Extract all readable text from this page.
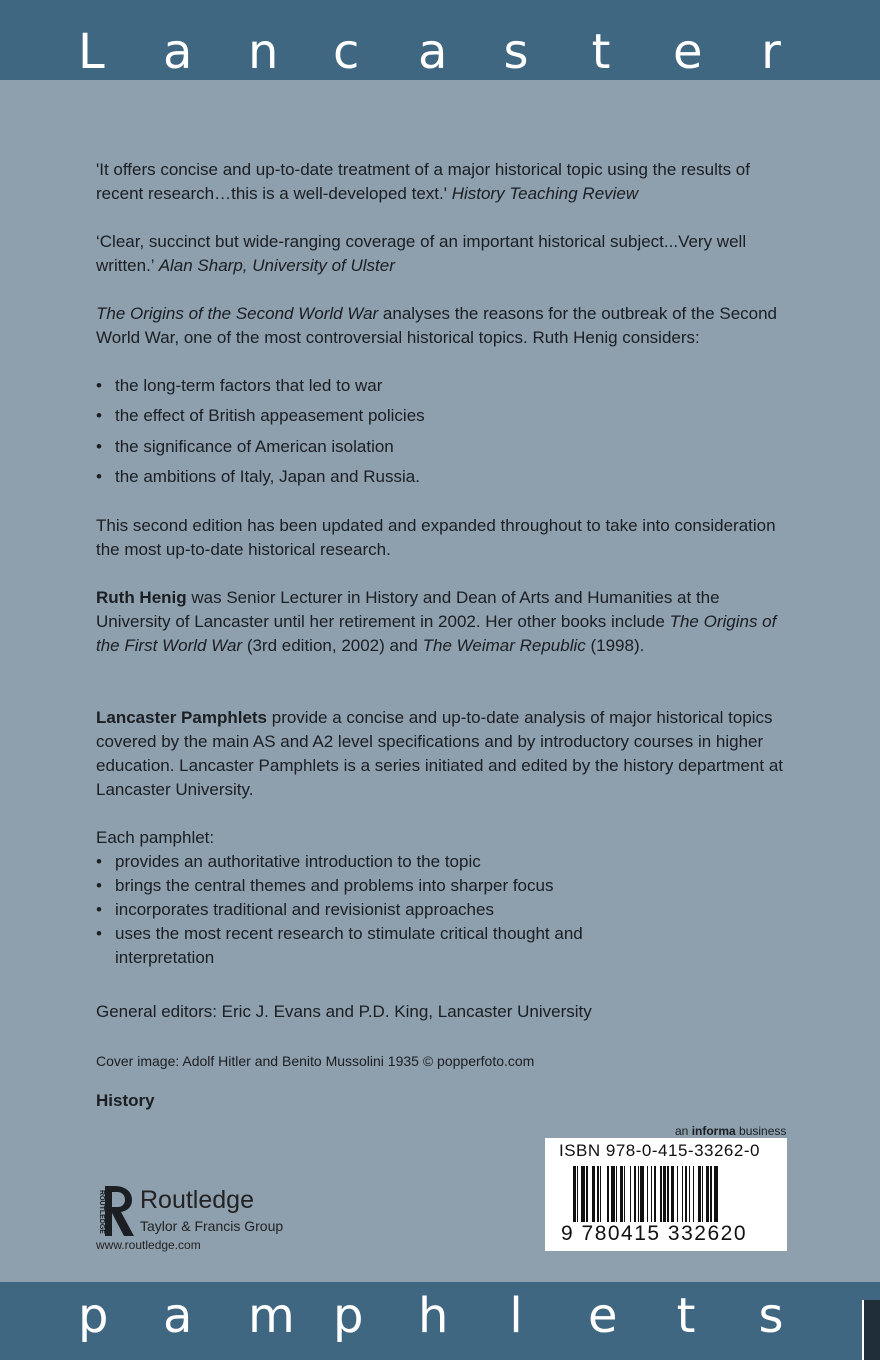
L a n c a s t e r

'It offers concise and up-to-date treatment of a major historical topic using the results of recent research…this is a well-developed text.' History Teaching Review

‘Clear, succinct but wide-ranging coverage of an important historical subject...Very well written.’ Alan Sharp, University of Ulster

The Origins of the Second World War analyses the reasons for the outbreak of the Second World War, one of the most controversial historical topics. Ruth Henig considers:

• the long-term factors that led to war
• the effect of British appeasement policies
• the significance of American isolation
• the ambitions of Italy, Japan and Russia.

This second edition has been updated and expanded throughout to take into consideration the most up-to-date historical research.

Ruth Henig was Senior Lecturer in History and Dean of Arts and Humanities at the University of Lancaster until her retirement in 2002. Her other books include The Origins of the First World War (3rd edition, 2002) and The Weimar Republic (1998).

Lancaster Pamphlets provide a concise and up-to-date analysis of major historical topics covered by the main AS and A2 level specifications and by introductory courses in higher education. Lancaster Pamphlets is a series initiated and edited by the history department at Lancaster University.

Each pamphlet:

• provides an authoritative introduction to the topic
• brings the central themes and problems into sharper focus
• incorporates traditional and revisionist approaches
• uses the most recent research to stimulate critical thought and interpretation

General editors: Eric J. Evans and P.D. King, Lancaster University

Cover image: Adolf Hitler and Benito Mussolini 1935 © popperfoto.com

History

an informa business
ISBN 978-0-415-33262-0
9 780415 332620
ROUTLEDGE Routledge
Taylor & Francis Group
www.routledge.com
p a m p h l e t s
